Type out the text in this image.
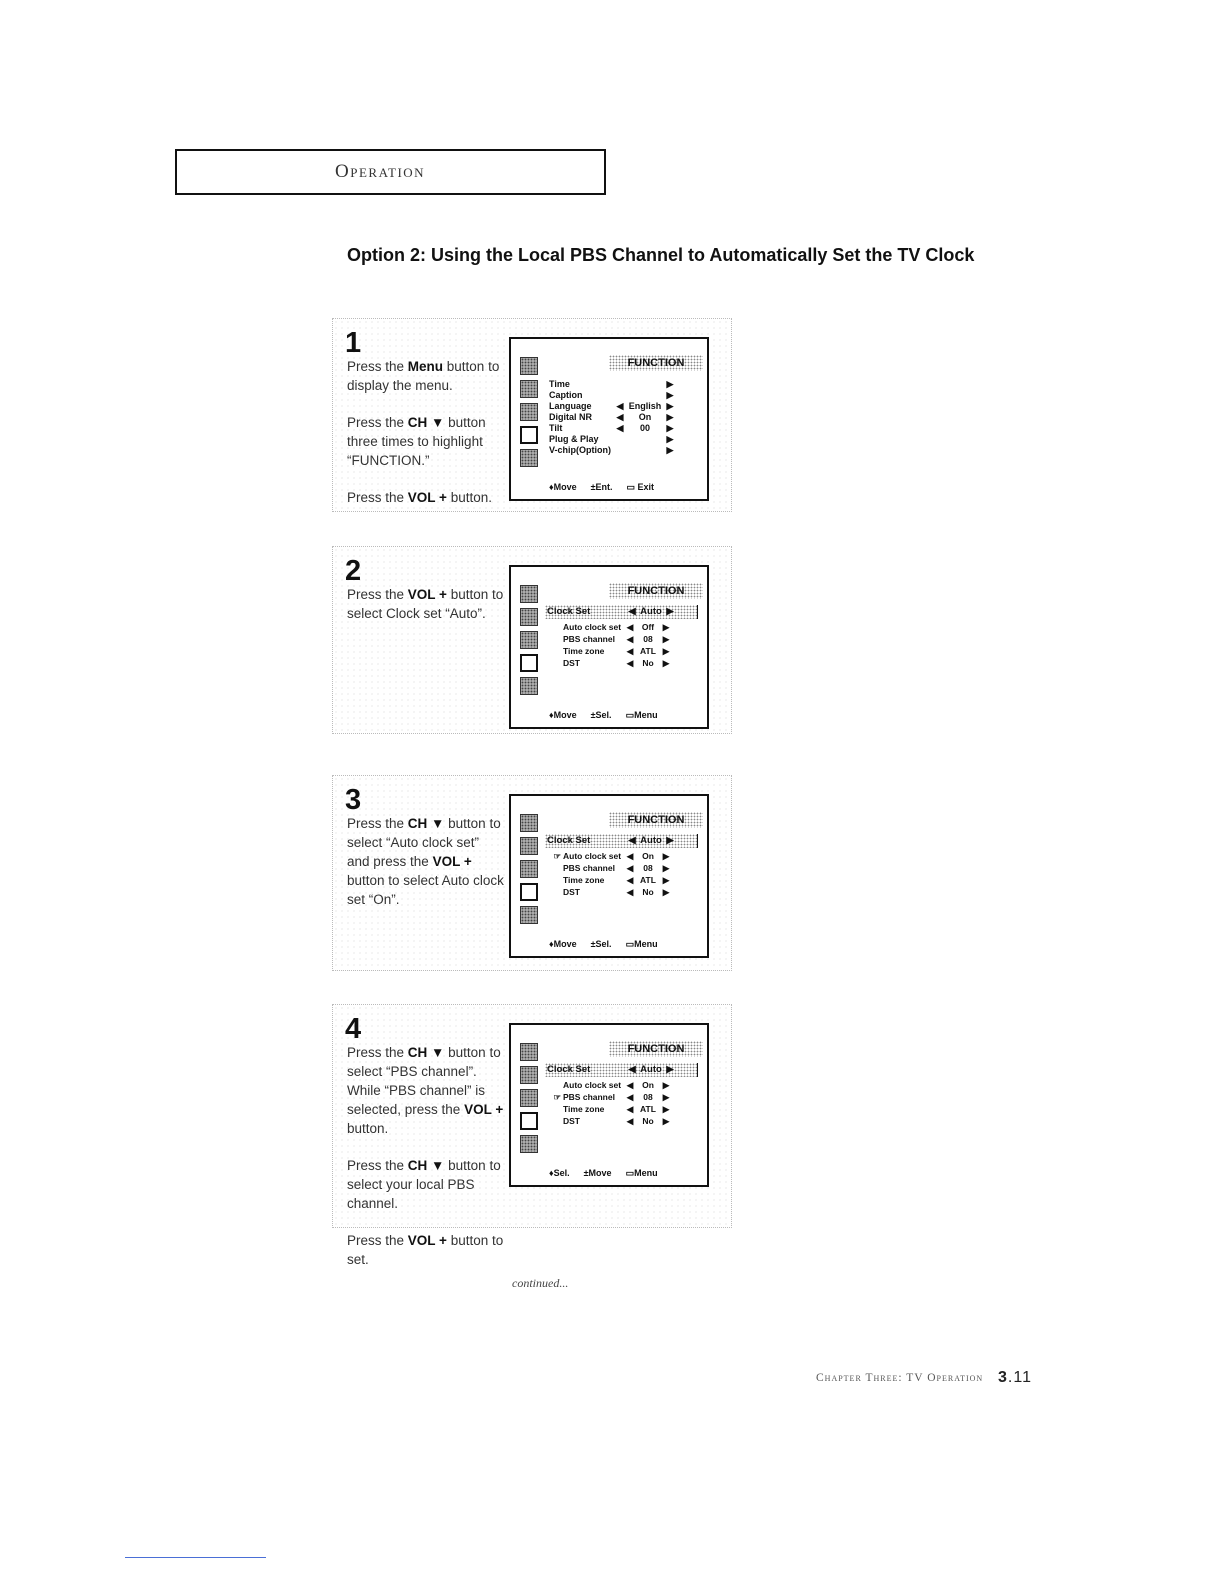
Operation
Option 2: Using the Local PBS Channel to Automatically Set the TV Clock
1

Press the Menu button to display the menu.

Press the CH ▼ button three times to highlight “FUNCTION.”

Press the VOL + button.

FUNCTION
Time	▶
Caption	▶
Language	◀ English ▶
Digital NR	◀	On	▶
Tilt	◀	00	▶
Plug & Play	▶
V-chip(Option)	▶
♦Move ±Ent. ▭ Exit
2

Press the VOL + button to select Clock set “Auto”.

FUNCTION
Clock Set	◀ Auto ▶
Auto clock set ◀	Off	▶
PBS channel	◀	08	▶
Time zone	◀ ATL ▶
DST	◀	No	▶
♦Move ±Sel. ▭Menu
3

Press the CH ▼ button to select “Auto clock set” and press the VOL + button to select Auto clock set “On”.

FUNCTION
Clock Set	◀ Auto ▶
☞ Auto clock set ◀	On	▶
PBS channel	◀	08	▶
Time zone	◀ ATL ▶
DST	◀	No	▶
♦Move ±Sel. ▭Menu
4

Press the CH ▼ button to select “PBS channel”. While “PBS channel” is selected, press the VOL + button.

Press the CH ▼ button to select your local PBS channel.

Press the VOL + button to set.

FUNCTION
Clock Set	◀ Auto ▶
Auto clock set ◀	On	▶
☞ PBS channel	◀	08	▶
Time zone	◀ ATL ▶
DST	◀	No	▶
♦Sel. ±Move ▭Menu
continued...
Chapter Three: TV Operation 3.11
